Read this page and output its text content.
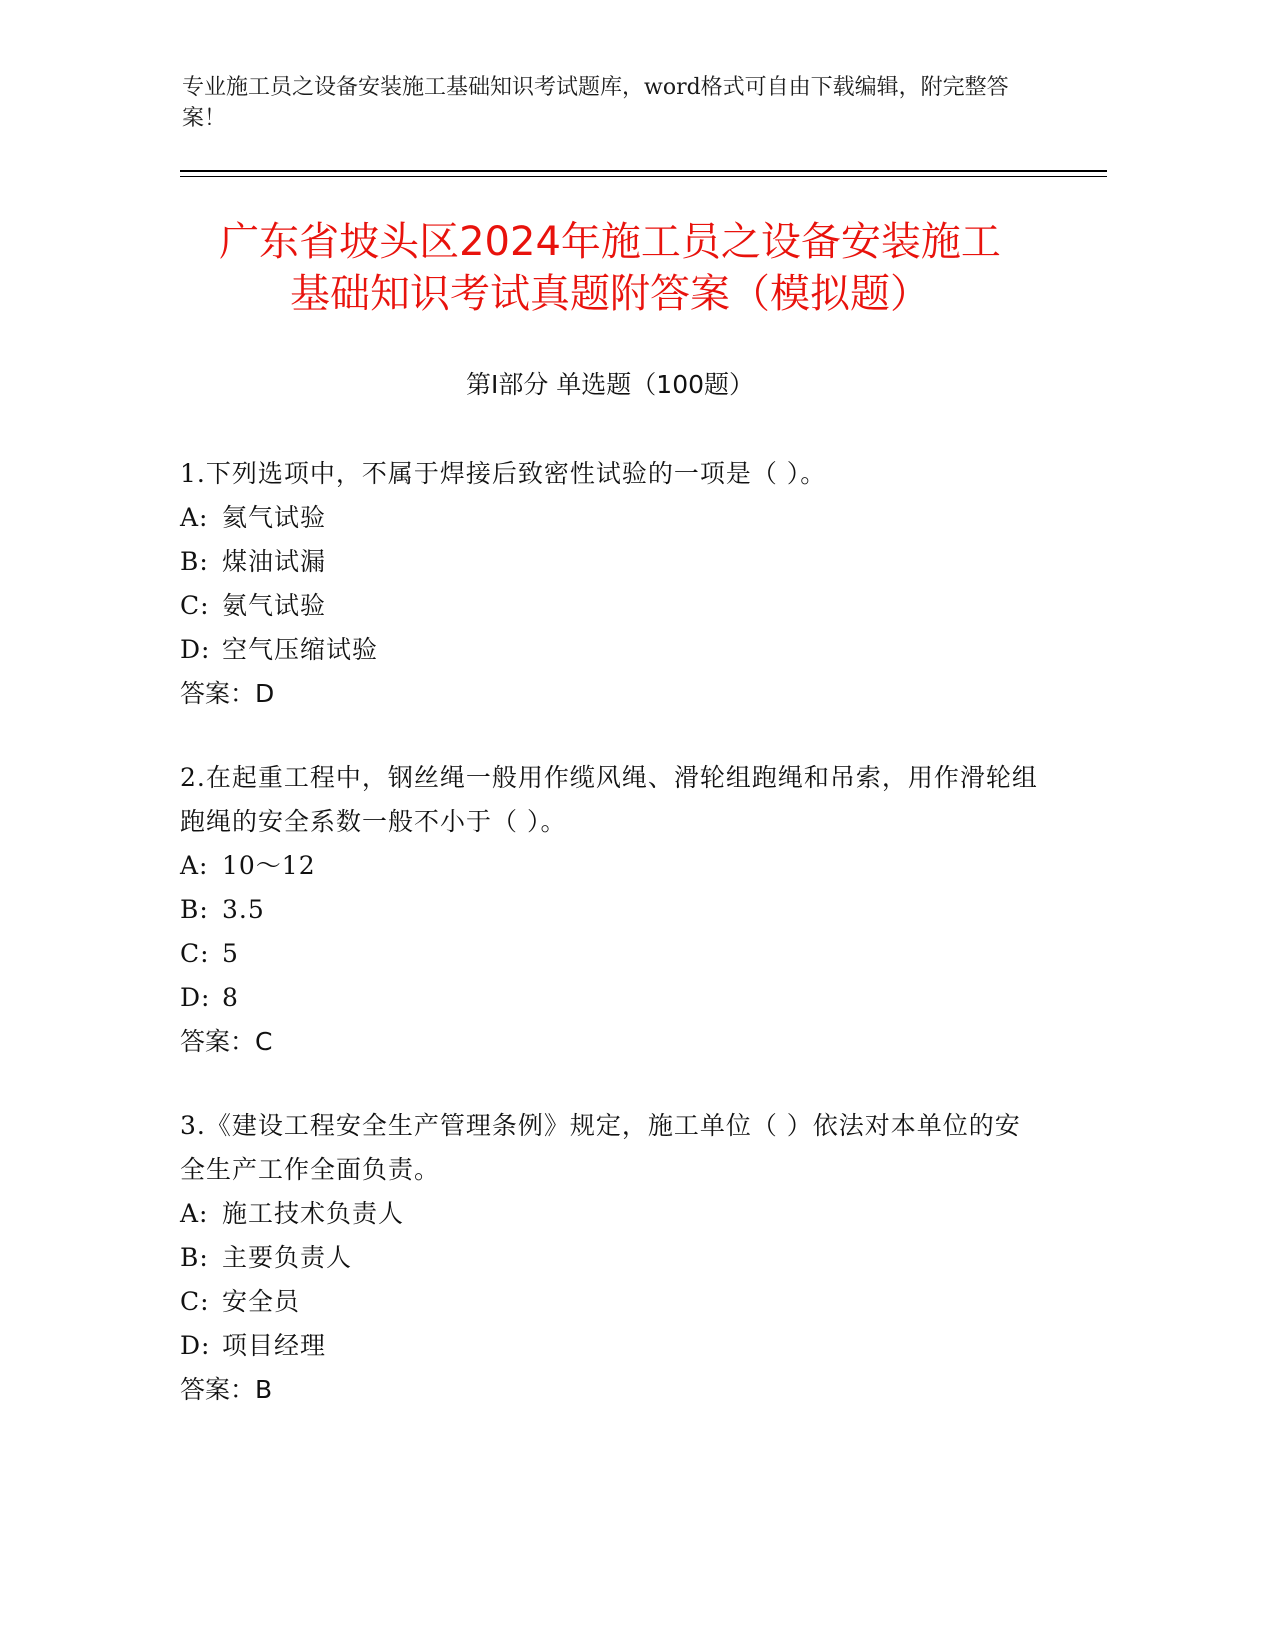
专业施工员之设备安装施工基础知识考试题库，word格式可自由下载编辑，附完整答案！
广东省坡头区2024年施工员之设备安装施工
基础知识考试真题附答案（模拟题）
第Ⅰ部分 单选题（100题）
1.下列选项中，不属于焊接后致密性试验的一项是（ ）。
A: 氦气试验
B: 煤油试漏
C: 氨气试验
D: 空气压缩试验
答案：D
2.在起重工程中，钢丝绳一般用作缆风绳、滑轮组跑绳和吊索，用作滑轮组跑绳的安全系数一般不小于（ ）。
A: 10～12
B: 3.5
C: 5
D: 8
答案：C
3.《建设工程安全生产管理条例》规定，施工单位（ ）依法对本单位的安全生产工作全面负责。
A: 施工技术负责人
B: 主要负责人
C: 安全员
D: 项目经理
答案：B
